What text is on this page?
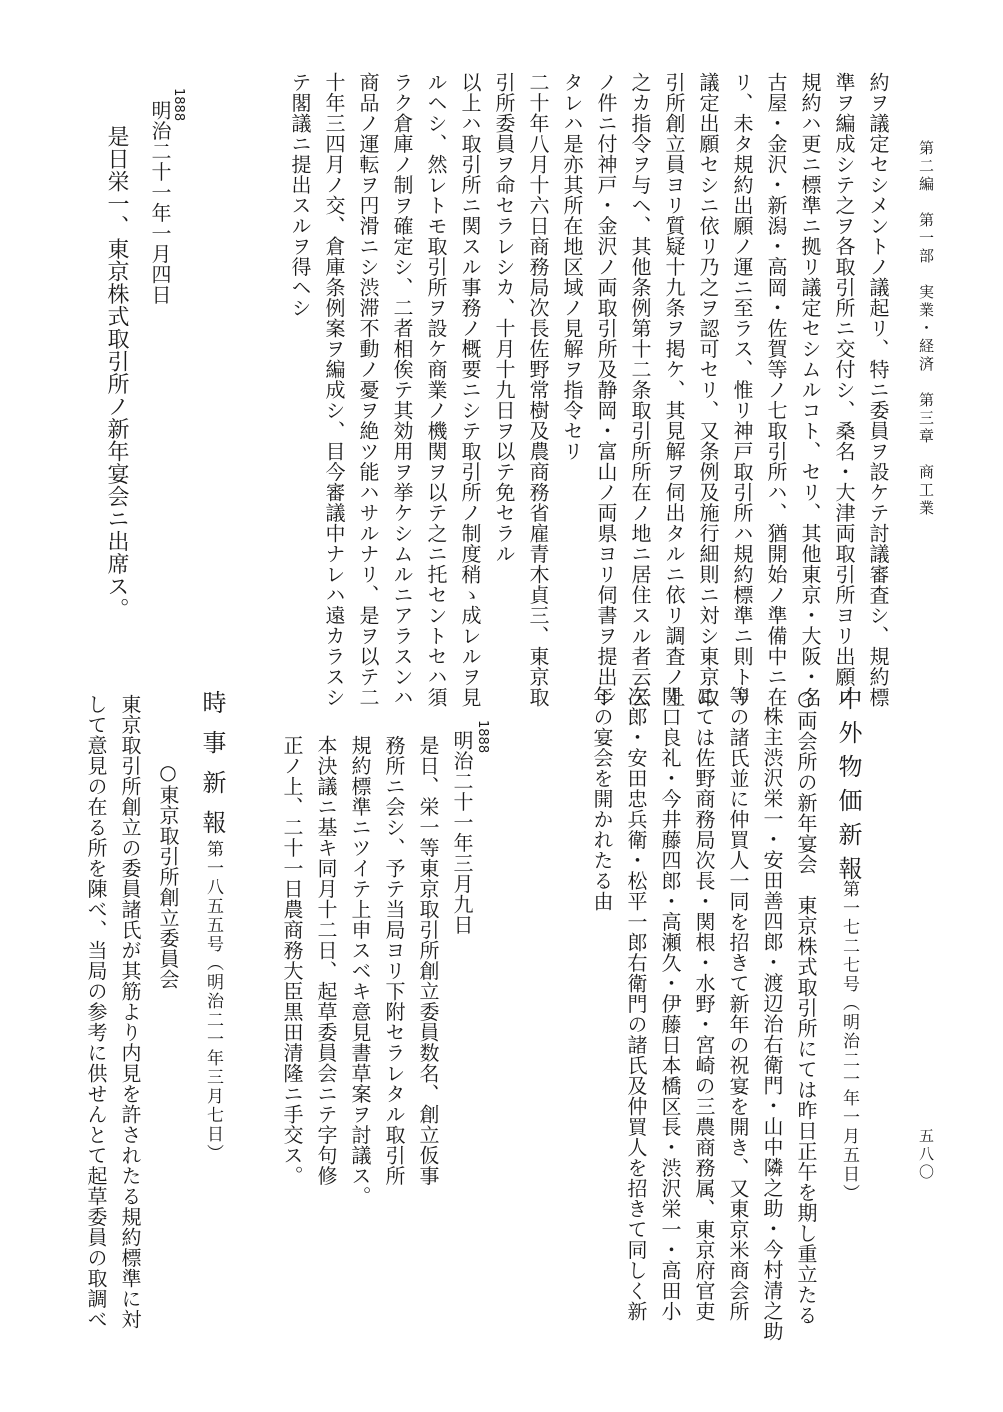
第二編　第一部　実業・経済　第三章　商工業
五八〇
約ヲ議定セシメントノ議起リ、特ニ委員ヲ設ケテ討議審査シ、規約標
準ヲ編成シテ之ヲ各取引所ニ交付シ、桑名・大津両取引所ヨリ出願ノ
規約ハ更ニ標準ニ拠リ議定セシムルコト、セリ、其他東京・大阪・名
古屋・金沢・新潟・高岡・佐賀等ノ七取引所ハ、猶開始ノ準備中ニ在
リ、未タ規約出願ノ運ニ至ラス、惟リ神戸取引所ハ規約標準ニ則トリ
議定出願セシニ依リ乃之ヲ認可セリ、又条例及施行細則ニ対シ東京取
引所創立員ヨリ質疑十九条ヲ掲ケ、其見解ヲ伺出タルニ依リ調査ノ上
之カ指令ヲ与ヘ、其他条例第十二条取引所所在ノ地ニ居住スル者云云
ノ件ニ付神戸・金沢ノ両取引所及静岡・富山ノ両県ヨリ伺書ヲ提出シ
タレハ是亦其所在地区域ノ見解ヲ指令セリ
二十年八月十六日商務局次長佐野常樹及農商務省雇青木貞三、東京取
引所委員ヲ命セラレシカ、十月十九日ヲ以テ免セラル
以上ハ取引所ニ関スル事務ノ概要ニシテ取引所ノ制度稍ゝ成レルヲ見
ルヘシ、然レトモ取引所ヲ設ケ商業ノ機関ヲ以テ之ニ托セントセハ須
ラク倉庫ノ制ヲ確定シ、二者相俟テ其効用ヲ挙ケシムルニアラスンハ
商品ノ運転ヲ円滑ニシ渋滞不動ノ憂ヲ絶ツ能ハサルナリ、是ヲ以テ二
十年三四月ノ交、倉庫条例案ヲ編成シ、目今審議中ナレハ遠カラスシ
テ閣議ニ提出スルヲ得ヘシ
1888
明治二十一年一月四日
是日栄一、東京株式取引所ノ新年宴会ニ出席ス。
中外物価新報
第一七二七号（明治二一年一月五日）
○両会所の新年宴会　東京株式取引所にては昨日正午を期し重立たる
株主渋沢栄一・安田善四郎・渡辺治右衛門・山中隣之助・今村清之助
等の諸氏並に仲買人一同を招きて新年の祝宴を開き、又東京米商会所
にては佐野商務局次長・関根・水野・宮崎の三農商務属、東京府官吏
関口良礼・今井藤四郎・高瀬久・伊藤日本橋区長・渋沢栄一・高田小
次郎・安田忠兵衛・松平一郎右衛門の諸氏及仲買人を招きて同しく新
年の宴会を開かれたる由
1888
明治二十一年三月九日
是日、栄一等東京取引所創立委員数名、創立仮事
務所ニ会シ、予テ当局ヨリ下附セラレタル取引所
規約標準ニツイテ上申スベキ意見書草案ヲ討議ス。
本決議ニ基キ同月十二日、起草委員会ニテ字句修
正ノ上、二十一日農商務大臣黒田清隆ニ手交ス。
時事新報
第一八五五号（明治二一年三月七日）
○東京取引所創立委員会
東京取引所創立の委員諸氏が其筋より内見を許されたる規約標準に対
して意見の在る所を陳べ、当局の参考に供せんとて起草委員の取調べ
